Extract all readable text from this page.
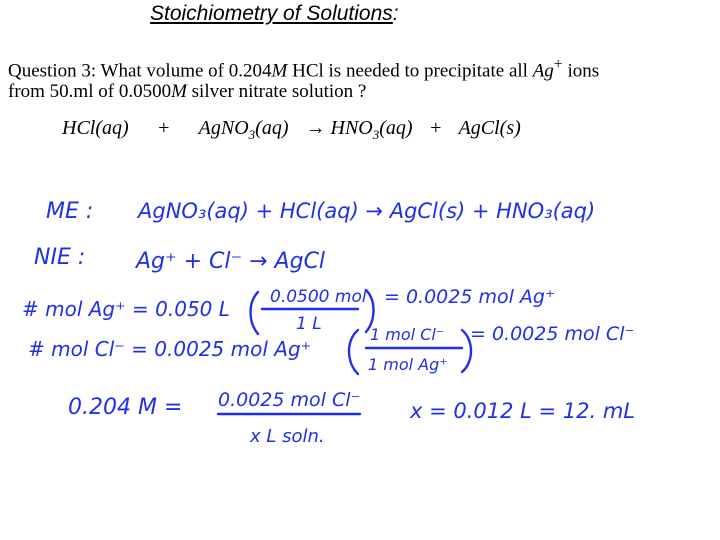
Stoichiometry of Solutions:
Question 3: What volume of 0.204M HCl is needed to precipitate all Ag+ ions
from 50.ml of 0.0500M silver nitrate solution ?
HCl(aq) + AgNO$_3$(aq) → $HNO_3(aq)$ + AgCl(s)
ME : AgNO₃(aq) + HCl(aq) → AgCl(s) + HNO₃(aq)
NIE : Ag⁺ + Cl⁻ → AgCl
# mol Ag⁺ = 0.050 L 0.0500 mol
1 L
= 0.0025 mol Ag⁺
# mol Cl⁻ = 0.0025 mol Ag⁺
1 mol Cl⁻
1 mol Ag⁺
= 0.0025 mol Cl⁻
0.204 M = 0.0025 mol Cl⁻
x L soln.
x = 0.012 L = 12. mL
